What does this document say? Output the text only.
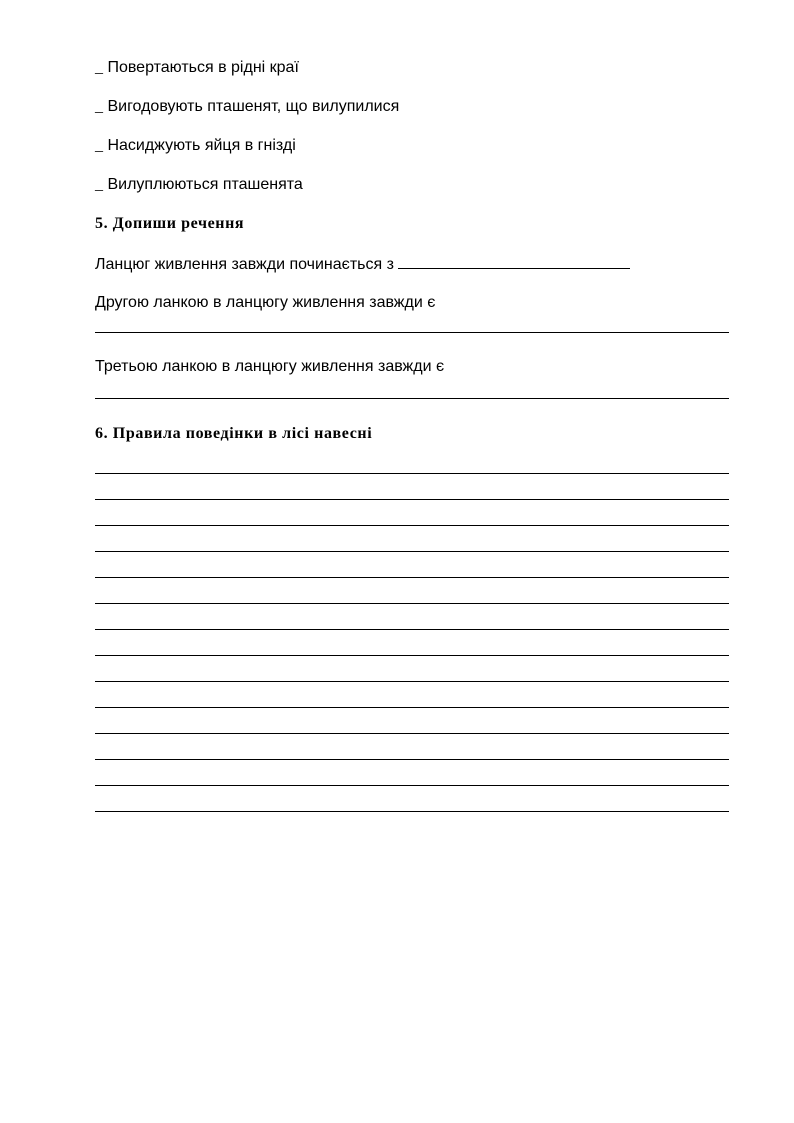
_ Повертаються в рідні краї
_ Вигодовують пташенят, що вилупилися
_ Насиджують яйця в гнізді
_ Вилуплюються пташенята
5. Допиши речення
Ланцюг живлення завжди починається з
Другою ланкою в ланцюгу живлення завжди є
Третьою ланкою в ланцюгу живлення завжди є
6. Правила поведінки в лісі навесні
